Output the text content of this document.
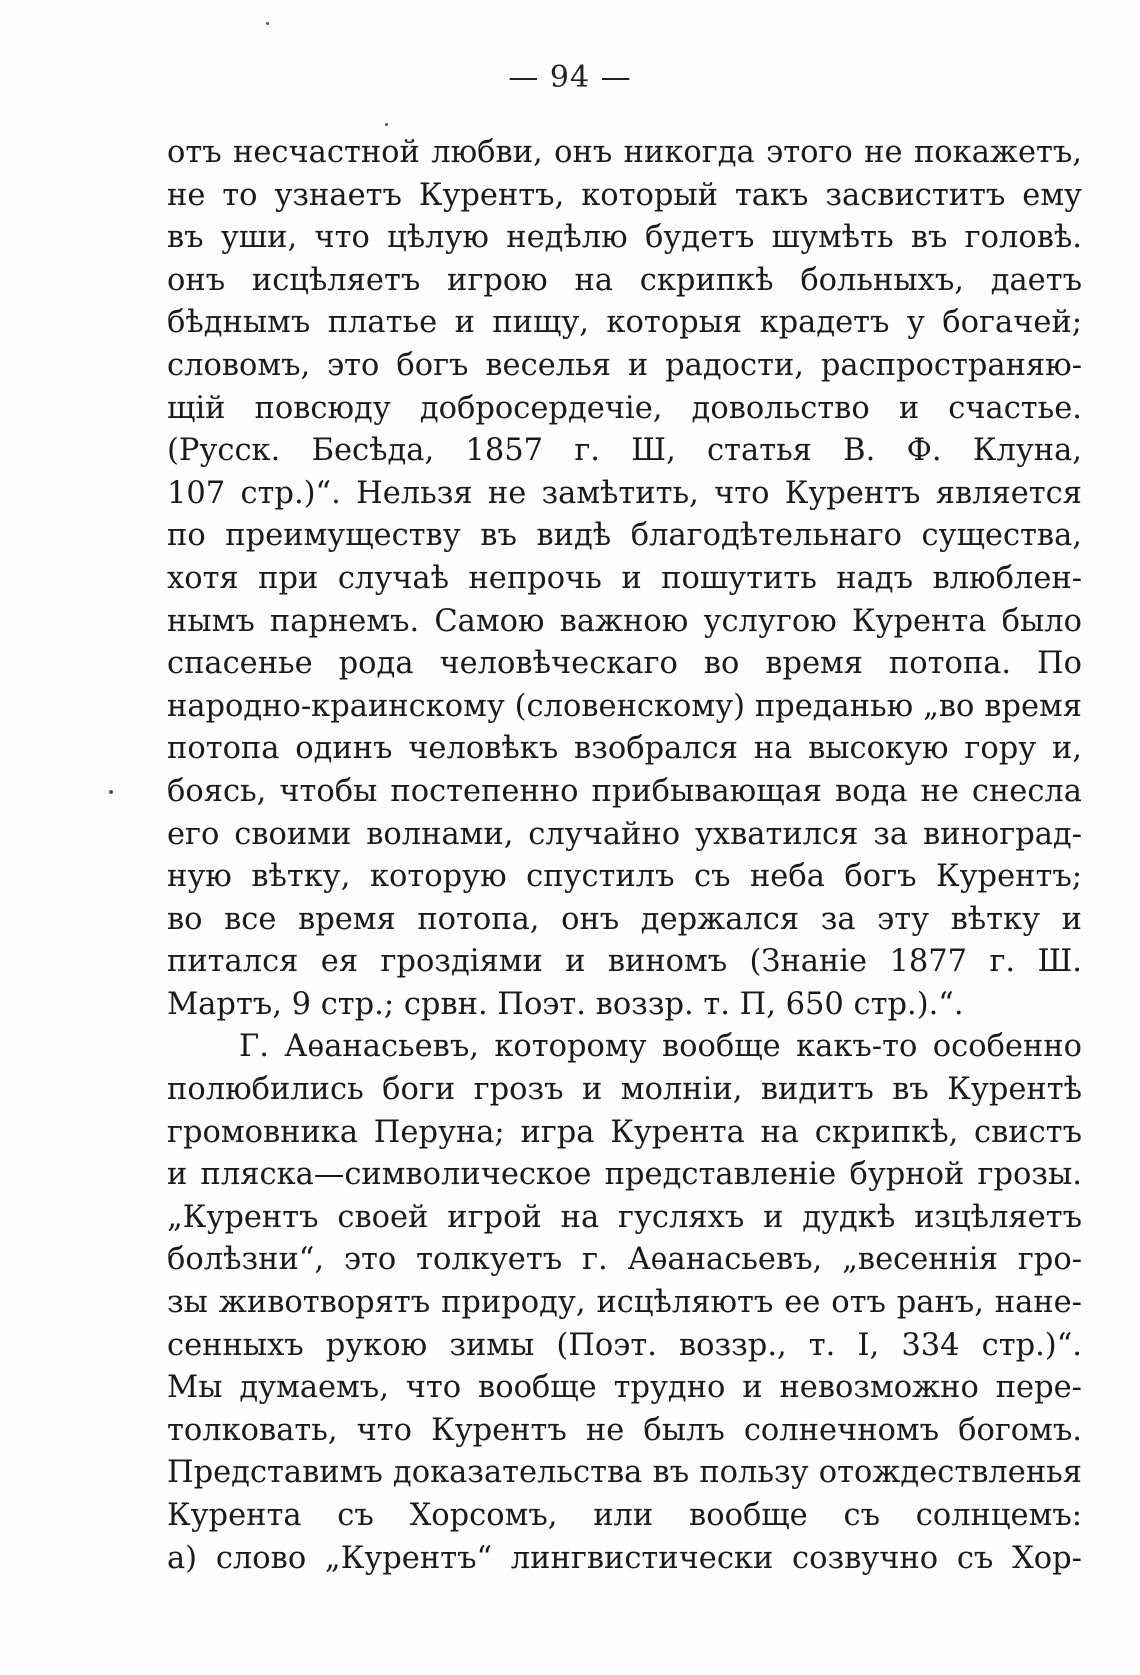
— 94 —
отъ несчастной любви, онъ никогда этого не покажетъ,
не то узнаетъ Курентъ, который такъ засвиститъ ему
въ уши, что цѣлую недѣлю будетъ шумѣть въ головѣ.
онъ исцѣляетъ игрою на скрипкѣ больныхъ, даетъ
бѣднымъ платье и пищу, которыя крадетъ у богачей;
словомъ, это богъ веселья и радости, распространяю-
щій повсюду добросердечіе, довольство и счастье.
(Русск. Бесѣда, 1857 г. Ш, статья В. Ф. Клуна,
107 стр.)“. Нельзя не замѣтить, что Курентъ является
по преимуществу въ видѣ благодѣтельнаго существа,
хотя при случаѣ непрочь и пошутить надъ влюблен-
нымъ парнемъ. Самою важною услугою Курента было
спасенье рода человѣческаго во время потопа. По
народно-краинскому (словенскому) преданью „во время
потопа одинъ человѣкъ взобрался на высокую гору и,
боясь, чтобы постепенно прибывающая вода не снесла
его своими волнами, случайно ухватился за виноград-
ную вѣтку, которую спустилъ съ неба богъ Курентъ;
во все время потопа, онъ держался за эту вѣтку и
питался ея гроздіями и виномъ (Знаніе 1877 г. Ш.
Мартъ, 9 стр.; срвн. Поэт. воззр. т. П, 650 стр.).“.
Г. Аѳанасьевъ, которому вообще какъ-то особенно
полюбились боги грозъ и молніи, видитъ въ Курентѣ
громовника Перуна; игра Курента на скрипкѣ, свистъ
и пляска—символическое представленіе бурной грозы.
„Курентъ своей игрой на гусляхъ и дудкѣ изцѣляетъ
болѣзни“, это толкуетъ г. Аѳанасьевъ, „весеннія гро-
зы животворятъ природу, исцѣляютъ ее отъ ранъ, нане-
сенныхъ рукою зимы (Поэт. воззр., т. I, 334 стр.)“.
Мы думаемъ, что вообще трудно и невозможно пере-
толковать, что Курентъ не былъ солнечномъ богомъ.
Представимъ доказательства въ пользу отождествленья
Курента съ Хорсомъ, или вообще съ солнцемъ:
а) слово „Курентъ“ лингвистически созвучно съ Хор-
